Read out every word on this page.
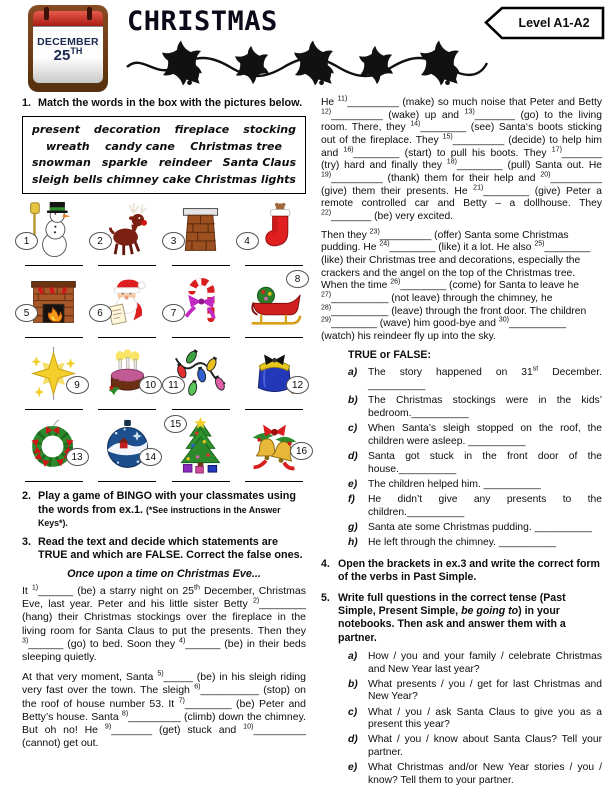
DECEMBER
25TH
CHRISTMAS	Level A1-A2
1. Match the words in the box with the pictures below.
present decoration fireplace stocking
wreath candy cane Christmas tree
snowman sparkle reindeer Santa Claus
sleigh bells chimney cake Christmas lights
1	2	3	4
5	6	7
8
9	10	11	12
13	14
15
16
2. Play a game of BINGO with your classmates using the words from ex.1. (*See instructions in the Answer Keys*).
3. Read the text and decide which statements are TRUE and which are FALSE. Correct the false ones.
Once upon a time on Christmas Eve...

It $^{1)}$______ (be) a starry night on 25th December, Christmas Eve, last year. Peter and his little sister Betty $^{2)}$________ (hang) their Christmas stockings over the fireplace in the living room for Santa Claus to put the presents. Then they $^{3)}$______ (go) to bed. Soon they $^{4)}$______ (be) in their beds sleeping quietly.

At that very moment, Santa $^{5)}$_____ (be) in his sleigh riding very fast over the town. The sleigh $^{6)}$__________ (stop) on the roof of house number 53. It $^{7)}$________ (be) Peter and Betty’s house. Santa $^{8)}$_________ (climb) down the chimney. But oh no! He $^{9)}$_______ (get) stuck and $^{10)}$_________ (cannot) get out.

He $^{11)}$_________ (make) so much noise that Peter and Betty $^{12)}$_________ (wake) up and $^{13)}$_______ (go) to the living room. There, they $^{14)}$________ (see) Santa‘s boots sticking out of the fireplace. They $^{15)}$_________ (decide) to help him and $^{16)}$________ (start) to pull his boots. They $^{17)}$_______ (try) hard and finally they $^{18)}$________ (pull) Santa out. He $^{19)}$_________ (thank) them for their help and $^{20)}$_________ (give) them their presents. He $^{21)}$________ (give) Peter a remote controlled car and Betty – a dollhouse. They $^{22)}$_______ (be) very excited.

Then they $^{23)}$_________ (offer) Santa some Christmas pudding. He $^{24)}$________ (like) it a lot. He also $^{25)}$________ (like) their Christmas tree and decorations, especially the crackers and the angel on the top of the Christmas tree. When the time $^{26)}$________ (come) for Santa to leave he $^{27)}$__________ (not leave) through the chimney, he $^{28)}$__________ (leave) through the front door. The children $^{29)}$________ (wave) him good-bye and $^{30)}$__________ (watch) his reindeer fly up into the sky.

TRUE or FALSE:
a)	The story happened on 31st December. __________
b) The Christmas stockings were in the kids’ bedroom.__________
c)	When Santa’s sleigh stopped on the roof, the children were asleep. __________
d) Santa got stuck in the front door of the house.__________
e)	The children helped him. __________
f)	He didn’t give any presents to the children.__________
g) Santa ate some Christmas pudding. __________
h) He left through the chimney. __________
4. Open the brackets in ex.3 and write the correct form of the verbs in Past Simple.
5. Write full questions in the correct tense (Past Simple, Present Simple, be going to) in your notebooks. Then ask and answer them with a partner.
a)	How / you and your family / celebrate Christmas and New Year last year?
b) What presents / you / get for last Christmas and New Year?
c)	What / you / ask Santa Claus to give you as a present this year?
d) What / you / know about Santa Claus? Tell your partner.
e)	What Christmas and/or New Year stories / you / know? Tell them to your partner.
